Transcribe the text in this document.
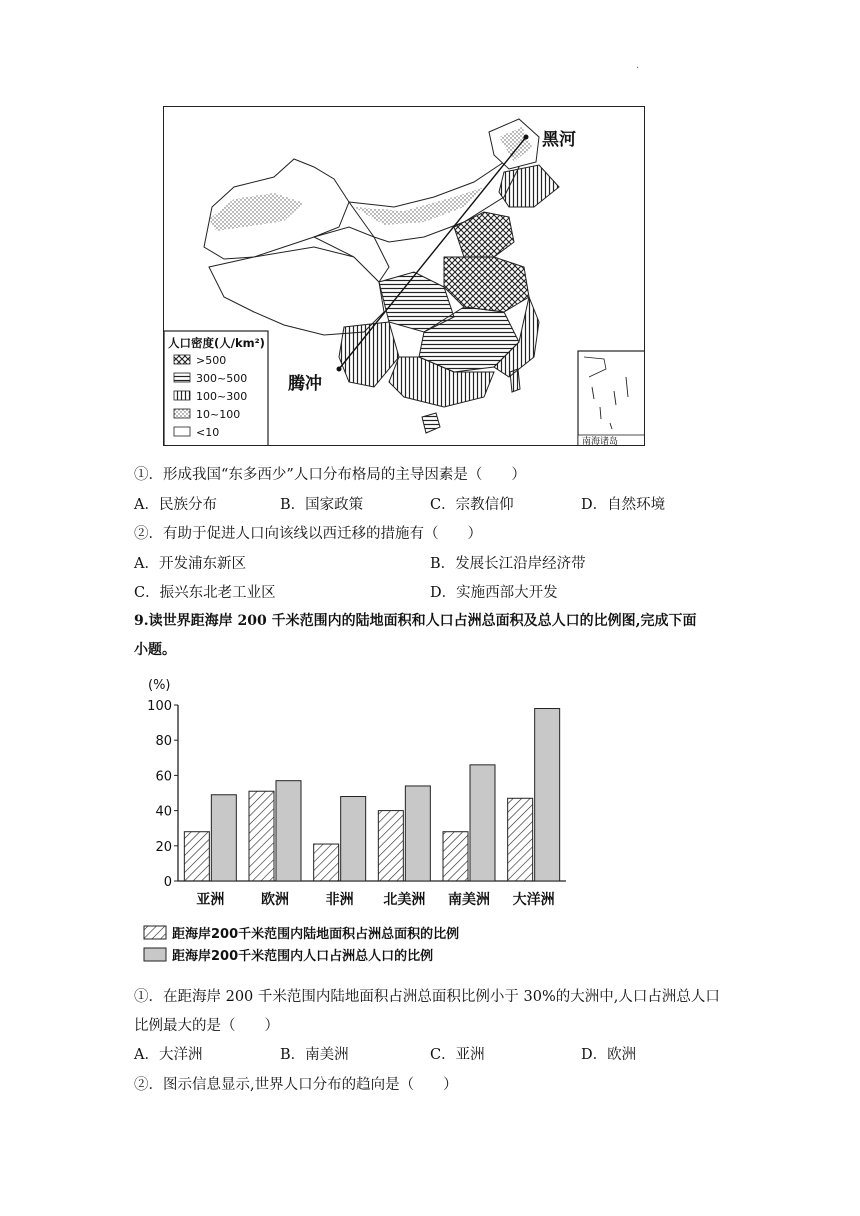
.
黑河
腾冲
人口密度(人/km²)
>500
300~500
100~300
10~100
<10
南海诸岛
①．形成我国“东多西少”人口分布格局的主导因素是（　　）
A．民族分布	B．国家政策	C．宗教信仰	D．自然环境
②．有助于促进人口向该线以西迁移的措施有（　　）
A．开发浦东新区	B．发展长江沿岸经济带
C．振兴东北老工业区	D．实施西部大开发
9.读世界距海岸 200 千米范围内的陆地面积和人口占洲总面积及总人口的比例图,完成下面
小题。
(%)
0
20
40
60
80
100
亚洲	欧洲	非洲 北美洲 南美洲 大洋洲
距海岸200千米范围内陆地面积占洲总面积的比例
距海岸200千米范围内人口占洲总人口的比例
①．在距海岸 200 千米范围内陆地面积占洲总面积比例小于 30%的大洲中,人口占洲总人口
比例最大的是（　　）
A．大洋洲	B．南美洲	C．亚洲	D．欧洲
②．图示信息显示,世界人口分布的趋向是（　　）
